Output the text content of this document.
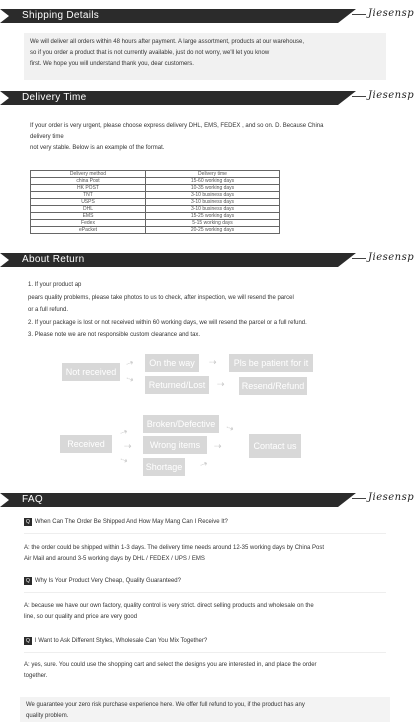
Shipping Details	Jiesensp
We will deliver all orders within 48 hours after payment. A large assortment, products at our warehouse,
so if you order a product that is not currently available, just do not worry, we'll let you know
first. We hope you will understand thank you, dear customers.
Delivery Time	Jiesensp
If your order is very urgent, please choose express delivery DHL, EMS, FEDEX , and so on. D. Because China
delivery time
not very stable. Below is an example of the format.
Delivery method	Delivery time
china Post	15-60 working days
HK POST	10-35 working days
TNT	3-10 business days
USPS	3-10 business days
DHL	3-10 business days
EMS	15-25 working days
Fedex	5-15 working days
ePacket	20-25 working days
About Return	Jiesensp
1. If your product ap
pears quality problems, please take photos to us to check, after inspection, we will resend the parcel
or a full refund.
2. If your package is lost or not received within 60 working days, we will resend the parcel or a full refund.
3. Please note we are not responsible custom clearance and tax.
Not received
⇢
⇢
On the way
Returned/Lost
⇢
⇢
Pls be patient for it
Resend/Refund
Received
⇢
⇢
⇢
Broken/Defective
Wrong items
Shortage
⇢
⇢
⇢
Contact us
FAQ	Jiesensp
Q When Can The Order Be Shipped And How May Mang Can I Receive It?
A: the order could be shipped within 1-3 days. The delivery time needs around 12-35 working days by China Post
Air Mail and around 3-5 working days by DHL / FEDEX / UPS / EMS
Q Why Is Your Product Very Cheap, Quality Guaranteed?
A: because we have our own factory, quality control is very strict. direct selling products and wholesale on the
line, so our quality and price are very good
Q I Want to Ask Different Styles, Wholesale Can You Mix Together?
A: yes, sure. You could use the shopping cart and select the designs you are interested in, and place the order
together.
We guarantee your zero risk purchase experience here. We offer full refund to you, if the product has any
quality problem.
